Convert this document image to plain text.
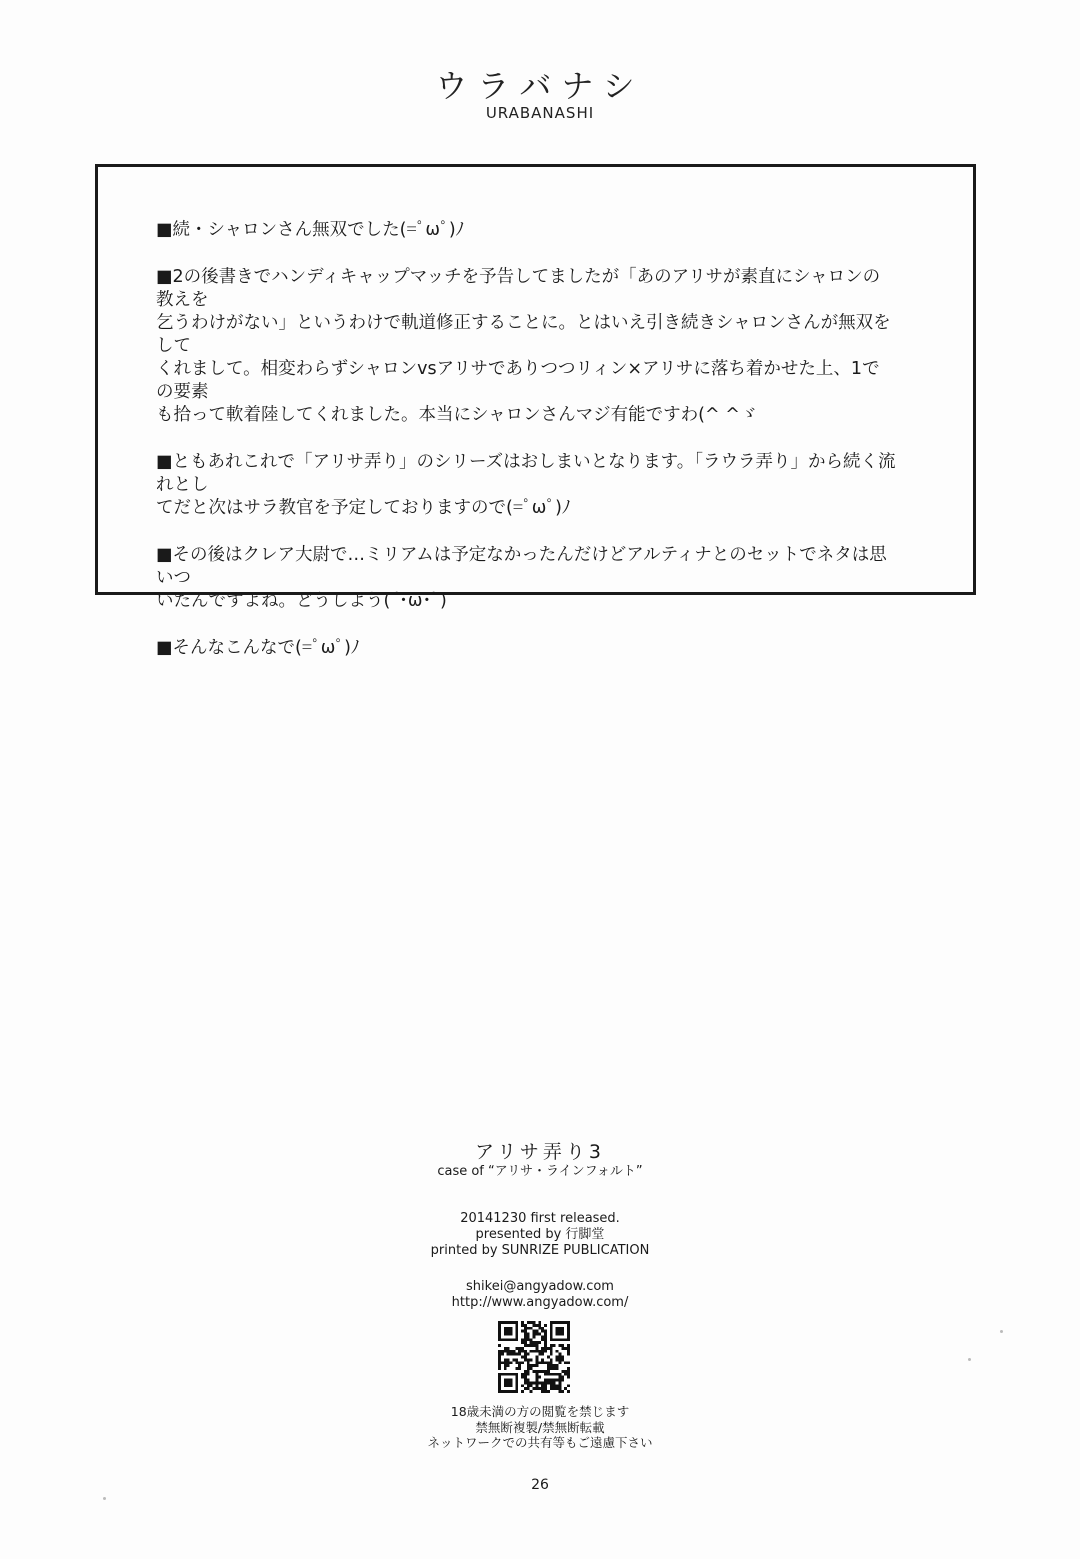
ウラバナシ
URABANASHI

■続・シャロンさん無双でした(=ﾟωﾟ)ﾉ

■2の後書きでハンディキャップマッチを予告してましたが「あのアリサが素直にシャロンの教えを
乞うわけがない」というわけで軌道修正することに。とはいえ引き続きシャロンさんが無双をして
くれまして。相変わらずシャロンvsアリサでありつつリィン×アリサに落ち着かせた上、1での要素
も拾って軟着陸してくれました。本当にシャロンさんマジ有能ですわ(^ ^ゞ

■ともあれこれで「アリサ弄り」のシリーズはおしまいとなります。「ラウラ弄り」から続く流れとし
てだと次はサラ教官を予定しておりますので(=ﾟωﾟ)ﾉ

■その後はクレア大尉で…ミリアムは予定なかったんだけどアルティナとのセットでネタは思いつ
いたんですよね。どうしよう(´･ω･`)

■そんなこんなで(=ﾟωﾟ)ﾉ

アリサ弄り3
case of “アリサ・ラインフォルト”
20141230 first released.
presented by 行脚堂
printed by SUNRIZE PUBLICATION
shikei@angyadow.com
http://www.angyadow.com/
18歳未満の方の閲覧を禁じます
禁無断複製/禁無断転載
ネットワークでの共有等もご遠慮下さい
26
